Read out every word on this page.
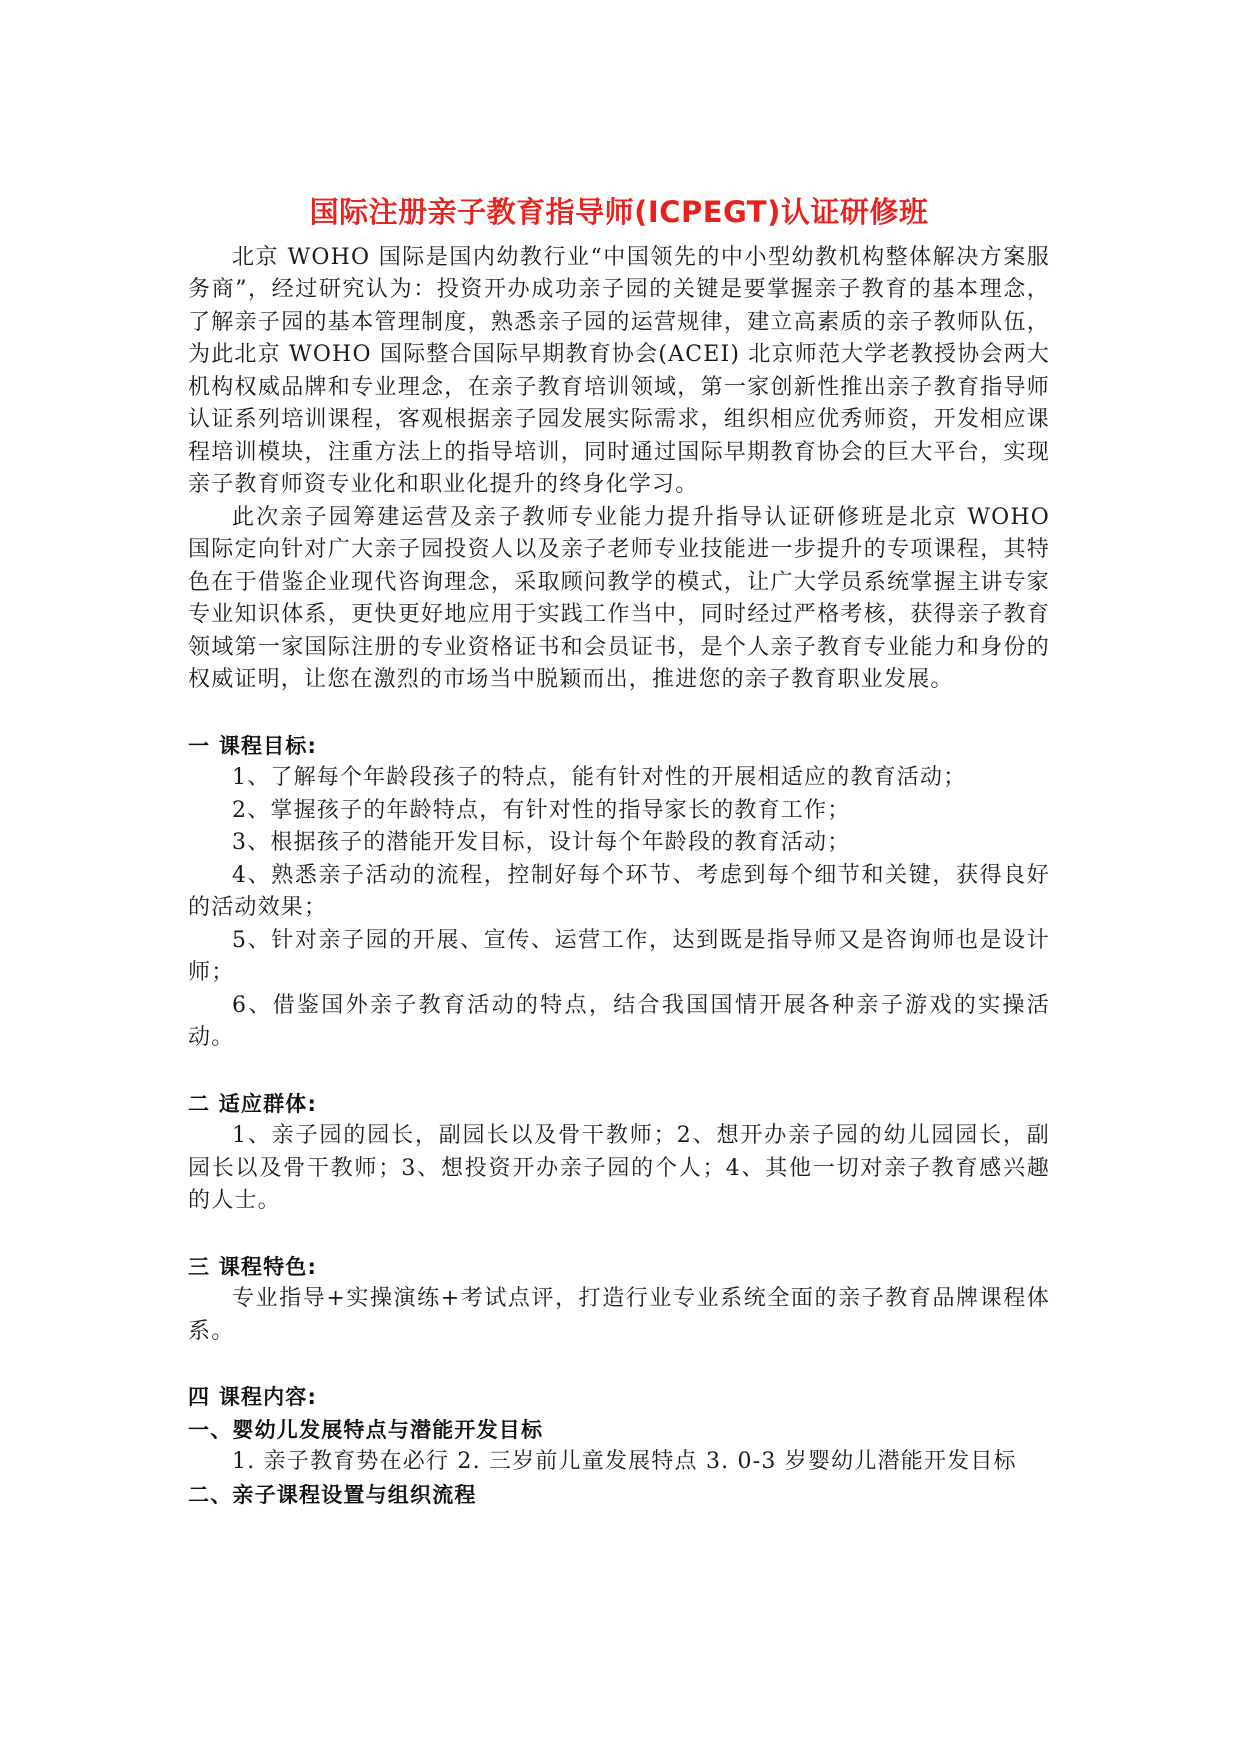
国际注册亲子教育指导师(ICPEGT)认证研修班

北京 WOHO 国际是国内幼教行业“中国领先的中小型幼教机构整体解决方案服务商”，经过研究认为：投资开办成功亲子园的关键是要掌握亲子教育的基本理念，了解亲子园的基本管理制度，熟悉亲子园的运营规律，建立高素质的亲子教师队伍，为此北京 WOHO 国际整合国际早期教育协会(ACEI) 北京师范大学老教授协会两大机构权威品牌和专业理念，在亲子教育培训领域，第一家创新性推出亲子教育指导师认证系列培训课程，客观根据亲子园发展实际需求，组织相应优秀师资，开发相应课程培训模块，注重方法上的指导培训，同时通过国际早期教育协会的巨大平台，实现亲子教育师资专业化和职业化提升的终身化学习。

此次亲子园筹建运营及亲子教师专业能力提升指导认证研修班是北京 WOHO 国际定向针对广大亲子园投资人以及亲子老师专业技能进一步提升的专项课程，其特色在于借鉴企业现代咨询理念，采取顾问教学的模式，让广大学员系统掌握主讲专家专业知识体系，更快更好地应用于实践工作当中，同时经过严格考核，获得亲子教育领域第一家国际注册的专业资格证书和会员证书，是个人亲子教育专业能力和身份的权威证明，让您在激烈的市场当中脱颖而出，推进您的亲子教育职业发展。

一 课程目标:

1、了解每个年龄段孩子的特点，能有针对性的开展相适应的教育活动；

2、掌握孩子的年龄特点，有针对性的指导家长的教育工作；

3、根据孩子的潜能开发目标，设计每个年龄段的教育活动；

4、熟悉亲子活动的流程，控制好每个环节、考虑到每个细节和关键，获得良好的活动效果；

5、针对亲子园的开展、宣传、运营工作，达到既是指导师又是咨询师也是设计师；

6、借鉴国外亲子教育活动的特点，结合我国国情开展各种亲子游戏的实操活动。

二 适应群体:

1、亲子园的园长，副园长以及骨干教师；2、想开办亲子园的幼儿园园长，副园长以及骨干教师；3、想投资开办亲子园的个人；4、其他一切对亲子教育感兴趣的人士。

三 课程特色:

专业指导+实操演练+考试点评，打造行业专业系统全面的亲子教育品牌课程体系。

四 课程内容:
一、婴幼儿发展特点与潜能开发目标

1. 亲子教育势在必行 2. 三岁前儿童发展特点 3. 0-3 岁婴幼儿潜能开发目标

二、亲子课程设置与组织流程
